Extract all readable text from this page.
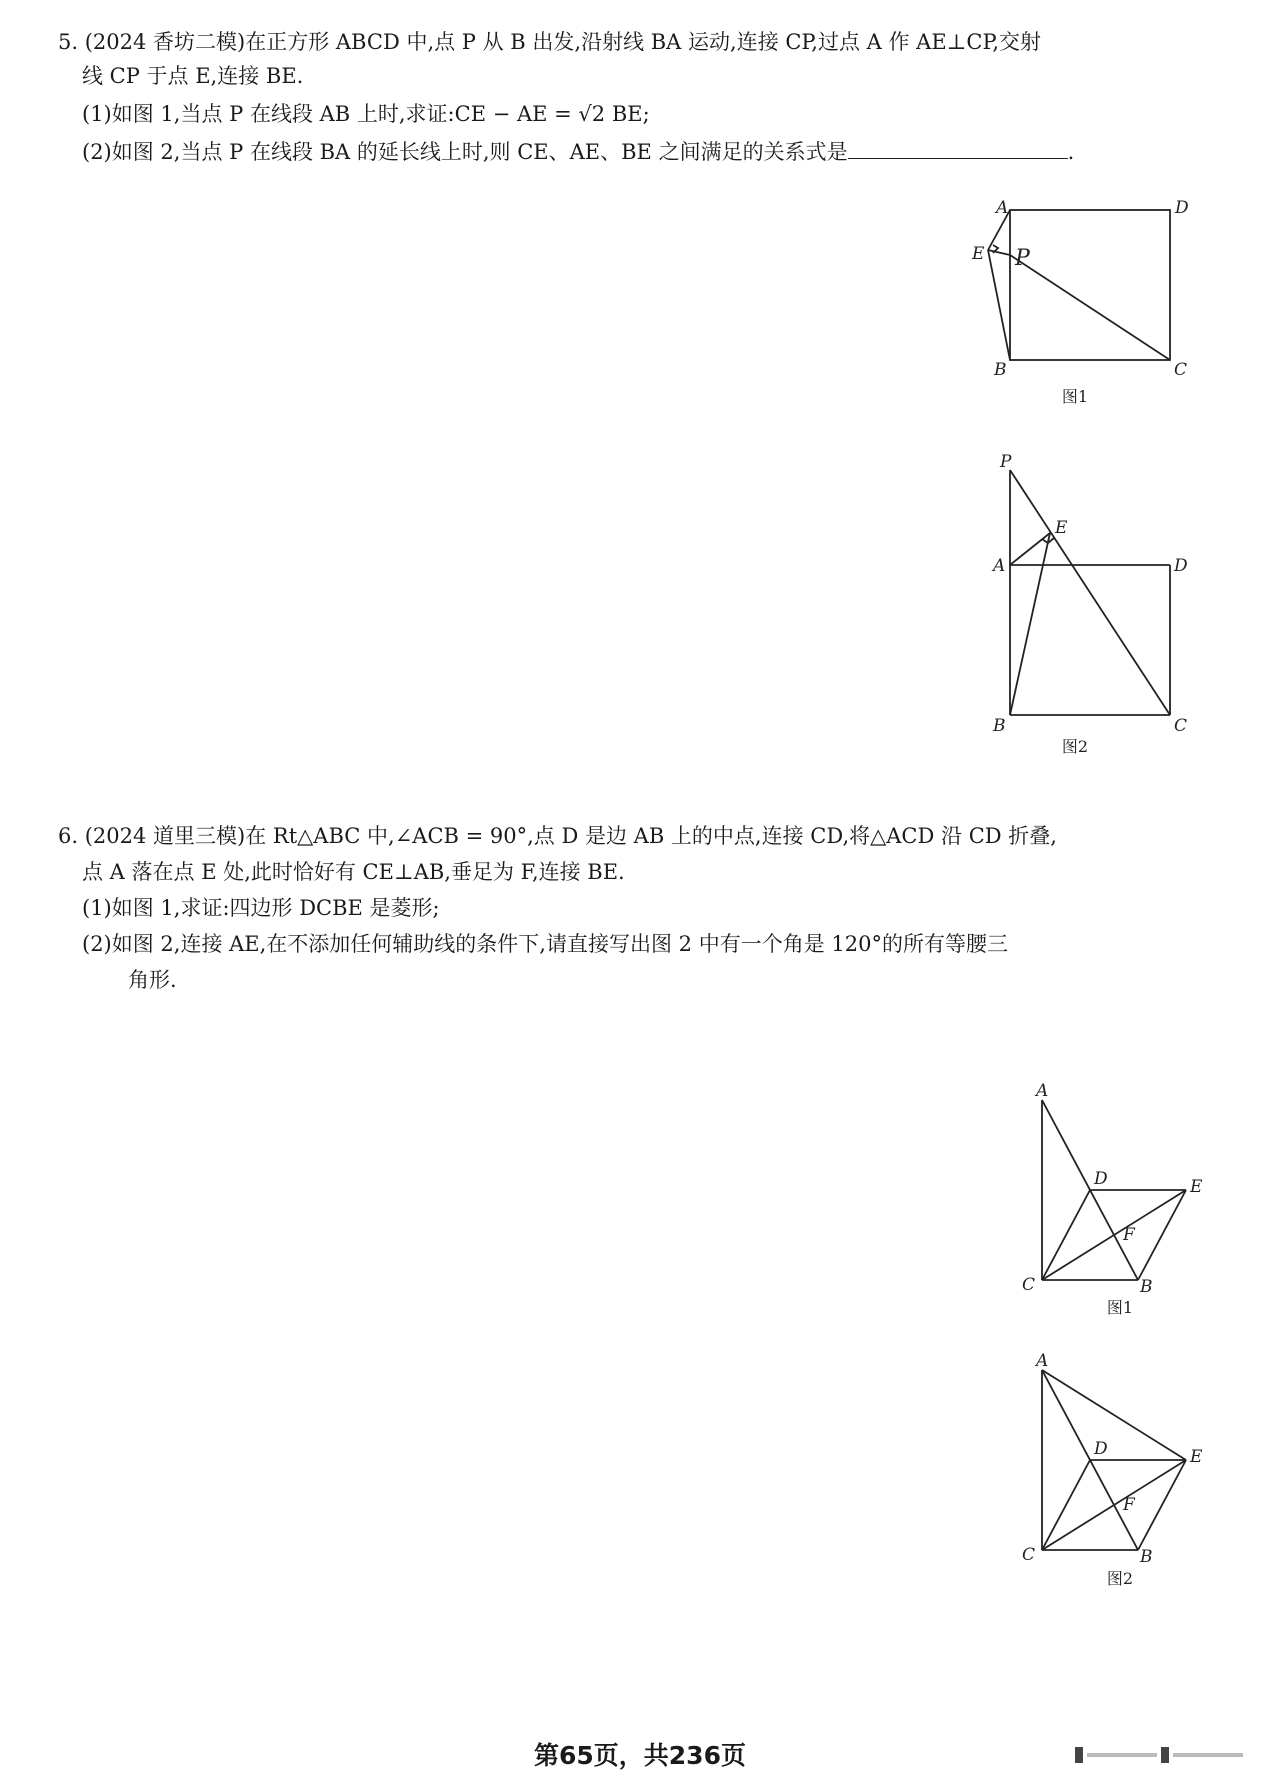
5. (2024 香坊二模)在正方形 ABCD 中,点 P 从 B 出发,沿射线 BA 运动,连接 CP,过点 A 作 AE⊥CP,交射
线 CP 于点 E,连接 BE.
(1)如图 1,当点 P 在线段 AB 上时,求证:CE − AE = √2 BE;
(2)如图 2,当点 P 在线段 BA 的延长线上时,则 CE、AE、BE 之间满足的关系式是	.
A	D
E P
B	C
图1
P
E
A	D
B	C
图2
6. (2024 道里三模)在 Rt△ABC 中,∠ACB = 90°,点 D 是边 AB 上的中点,连接 CD,将△ACD 沿 CD 折叠,
点 A 落在点 E 处,此时恰好有 CE⊥AB,垂足为 F,连接 BE.
(1)如图 1,求证:四边形 DCBE 是菱形;
(2)如图 2,连接 AE,在不添加任何辅助线的条件下,请直接写出图 2 中有一个角是 120°的所有等腰三
角形.
A
D	E
F
C	B
图1
A
D	E
F
C	B
图2
第65页，共236页
